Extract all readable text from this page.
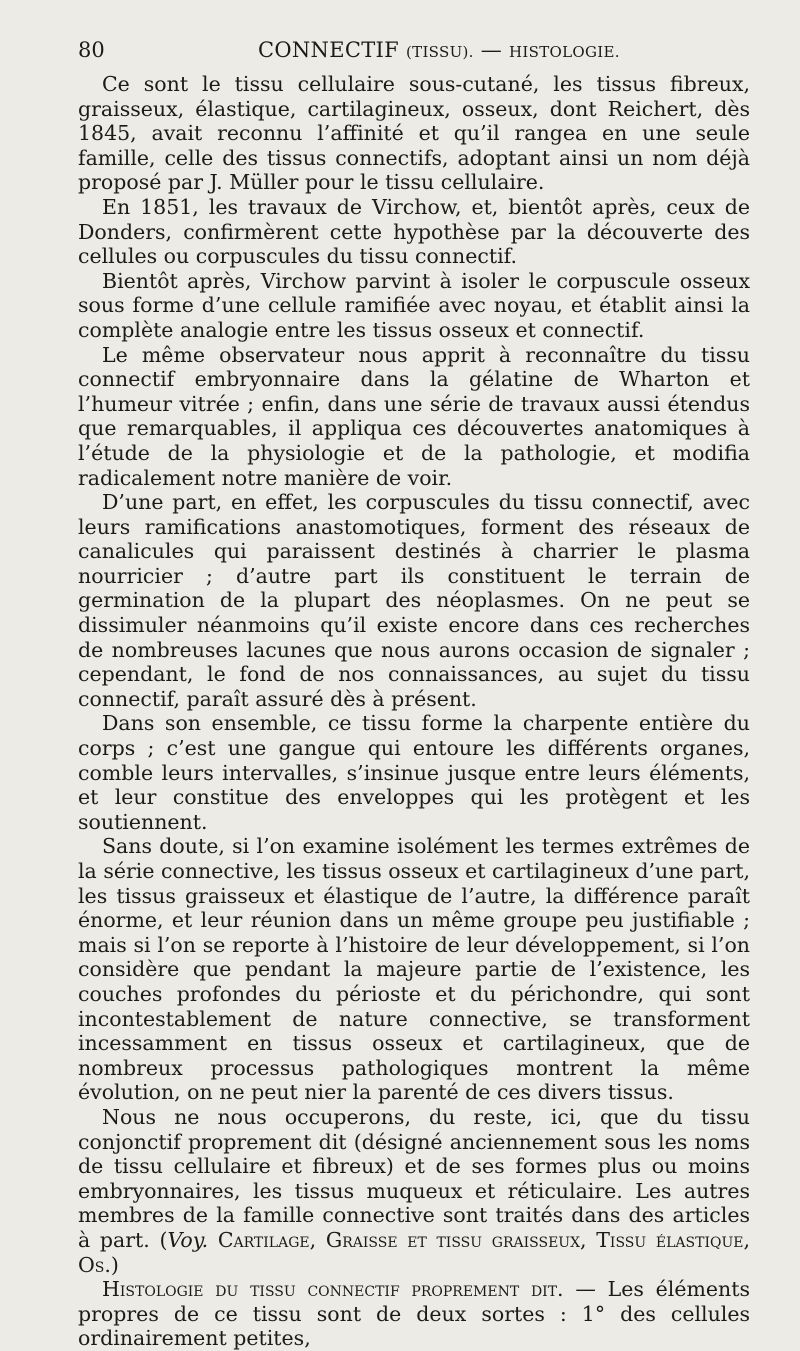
80	CONNECTIF (TISSU). — HISTOLOGIE.

Ce sont le tissu cellulaire sous-cutané, les tissus fibreux, graisseux, élastique, cartilagineux, osseux, dont Reichert, dès 1845, avait reconnu l’affinité et qu’il rangea en une seule famille, celle des tissus connectifs, adoptant ainsi un nom déjà proposé par J. Müller pour le tissu cellulaire.

En 1851, les travaux de Virchow, et, bientôt après, ceux de Donders, confirmèrent cette hypothèse par la découverte des cellules ou corpuscules du tissu connectif.

Bientôt après, Virchow parvint à isoler le corpuscule osseux sous forme d’une cellule ramifiée avec noyau, et établit ainsi la complète analogie entre les tissus osseux et connectif.

Le même observateur nous apprit à reconnaître du tissu connectif embryonnaire dans la gélatine de Wharton et l’humeur vitrée ; enfin, dans une série de travaux aussi étendus que remarquables, il appliqua ces découvertes anatomiques à l’étude de la physiologie et de la pathologie, et modifia radicalement notre manière de voir.

D’une part, en effet, les corpuscules du tissu connectif, avec leurs ramifications anastomotiques, forment des réseaux de canalicules qui paraissent destinés à charrier le plasma nourricier ; d’autre part ils constituent le terrain de germination de la plupart des néoplasmes. On ne peut se dissimuler néanmoins qu’il existe encore dans ces recherches de nombreuses lacunes que nous aurons occasion de signaler ; cependant, le fond de nos connaissances, au sujet du tissu connectif, paraît assuré dès à présent.

Dans son ensemble, ce tissu forme la charpente entière du corps ; c’est une gangue qui entoure les différents organes, comble leurs intervalles, s’insinue jusque entre leurs éléments, et leur constitue des enveloppes qui les protègent et les soutiennent.

Sans doute, si l’on examine isolément les termes extrêmes de la série connective, les tissus osseux et cartilagineux d’une part, les tissus graisseux et élastique de l’autre, la différence paraît énorme, et leur réunion dans un même groupe peu justifiable ; mais si l’on se reporte à l’histoire de leur développement, si l’on considère que pendant la majeure partie de l’existence, les couches profondes du périoste et du périchondre, qui sont incontestablement de nature connective, se transforment incessamment en tissus osseux et cartilagineux, que de nombreux processus pathologiques montrent la même évolution, on ne peut nier la parenté de ces divers tissus.

Nous ne nous occuperons, du reste, ici, que du tissu conjonctif proprement dit (désigné anciennement sous les noms de tissu cellulaire et fibreux) et de ses formes plus ou moins embryonnaires, les tissus muqueux et réticulaire. Les autres membres de la famille connective sont traités dans des articles à part. (Voy. Cartilage, Graisse et tissu graisseux, Tissu élastique, Os.)

Histologie du tissu connectif proprement dit. — Les éléments propres de ce tissu sont de deux sortes : 1° des cellules ordinairement petites,
